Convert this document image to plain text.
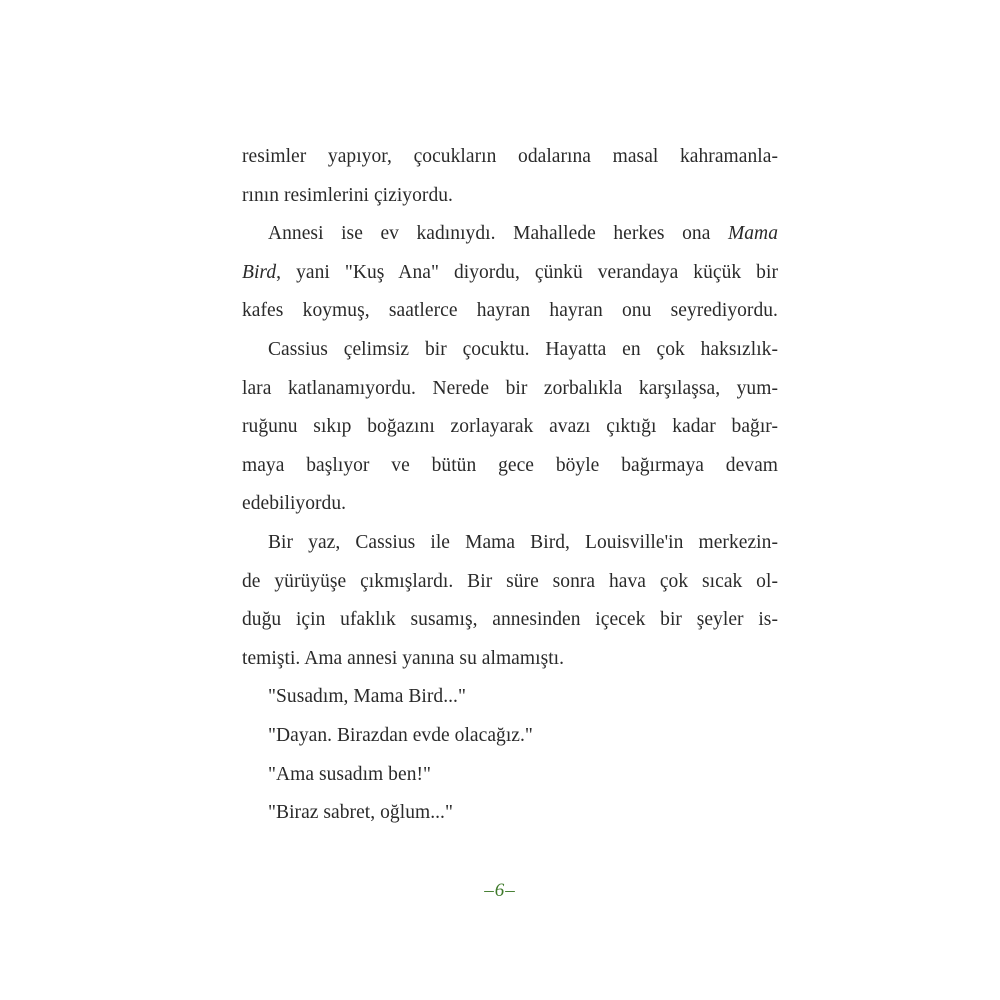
resimler yapıyor, çocukların odalarına masal kahramanla-
rının resimlerini çiziyordu.
Annesi ise ev kadınıydı. Mahallede herkes ona Mama
Bird, yani "Kuş Ana" diyordu, çünkü verandaya küçük bir
kafes koymuş, saatlerce hayran hayran onu seyrediyordu.
Cassius çelimsiz bir çocuktu. Hayatta en çok haksızlık-
lara katlanamıyordu. Nerede bir zorbalıkla karşılaşsa, yum-
ruğunu sıkıp boğazını zorlayarak avazı çıktığı kadar bağır-
maya başlıyor ve bütün gece böyle bağırmaya devam
edebiliyordu.
Bir yaz, Cassius ile Mama Bird, Louisville'in merkezin-
de yürüyüşe çıkmışlardı. Bir süre sonra hava çok sıcak ol-
duğu için ufaklık susamış, annesinden içecek bir şeyler is-
temişti. Ama annesi yanına su almamıştı.
"Susadım, Mama Bird..."
"Dayan. Birazdan evde olacağız."
"Ama susadım ben!"
"Biraz sabret, oğlum..."
–6–
